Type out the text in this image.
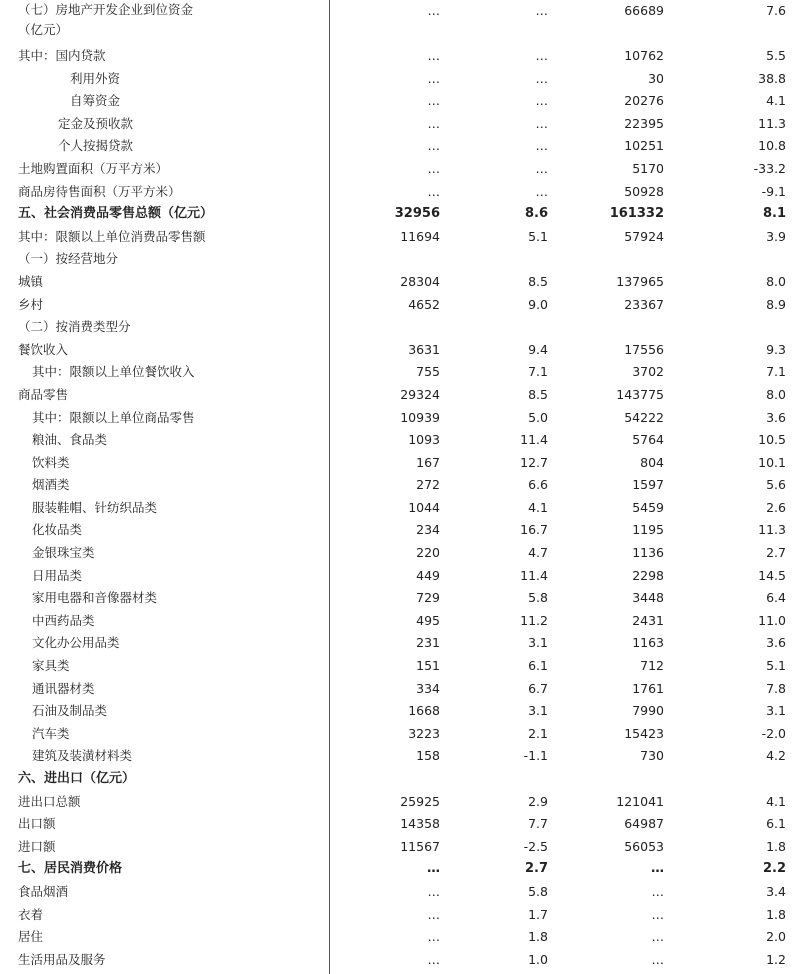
（七）房地产开发企业到位资金
（亿元）
…	…	66689	7.6
其中：国内贷款	…	…	10762	5.5
利用外资	…	…	30	38.8
自筹资金	…	…	20276	4.1
定金及预收款	…	…	22395	11.3
个人按揭贷款	…	…	10251	10.8
土地购置面积（万平方米）	…	…	5170	-33.2
商品房待售面积（万平方米）	…	…	50928	-9.1
五、社会消费品零售总额（亿元）	32956	8.6	161332	8.1
其中：限额以上单位消费品零售额	11694	5.1	57924	3.9
（一）按经营地分
城镇	28304	8.5	137965	8.0
乡村	4652	9.0	23367	8.9
（二）按消费类型分
餐饮收入	3631	9.4	17556	9.3
其中：限额以上单位餐饮收入	755	7.1	3702	7.1
商品零售	29324	8.5	143775	8.0
其中：限额以上单位商品零售	10939	5.0	54222	3.6
粮油、食品类	1093	11.4	5764	10.5
饮料类	167	12.7	804	10.1
烟酒类	272	6.6	1597	5.6
服装鞋帽、针纺织品类	1044	4.1	5459	2.6
化妆品类	234	16.7	1195	11.3
金银珠宝类	220	4.7	1136	2.7
日用品类	449	11.4	2298	14.5
家用电器和音像器材类	729	5.8	3448	6.4
中西药品类	495	11.2	2431	11.0
文化办公用品类	231	3.1	1163	3.6
家具类	151	6.1	712	5.1
通讯器材类	334	6.7	1761	7.8
石油及制品类	1668	3.1	7990	3.1
汽车类	3223	2.1	15423	-2.0
建筑及装潢材料类	158	-1.1	730	4.2
六、进出口（亿元）
进出口总额	25925	2.9	121041	4.1
出口额	14358	7.7	64987	6.1
进口额	11567	-2.5	56053	1.8
七、居民消费价格	…	2.7	…	2.2
食品烟酒	…	5.8	…	3.4
衣着	…	1.7	…	1.8
居住	…	1.8	…	2.0
生活用品及服务	…	1.0	…	1.2
